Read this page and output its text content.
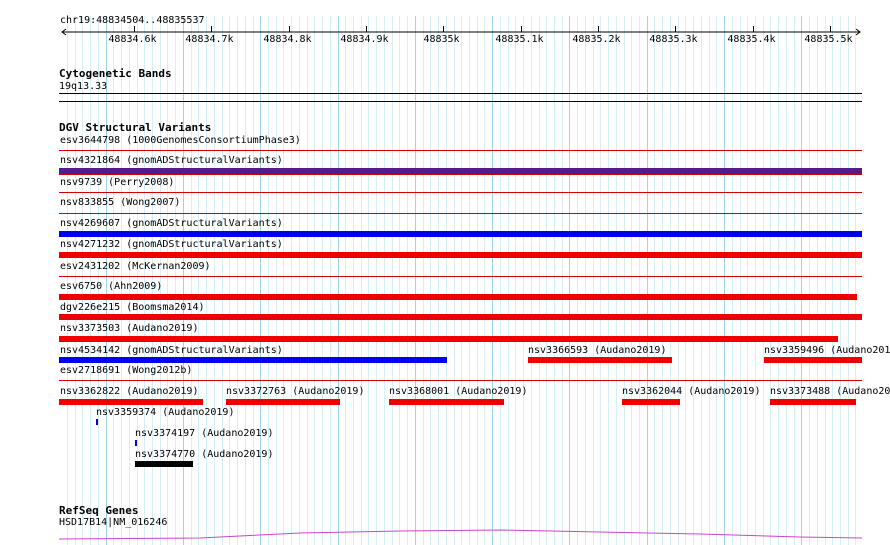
chr19:48834504..48835537
48834.6k	48834.7k	48834.8k	48834.9k	48835k	48835.1k	48835.2k	48835.3k	48835.4k	48835.5k
Cytogenetic Bands
19q13.33
DGV Structural Variants
esv3644798 (1000GenomesConsortiumPhase3)
nsv4321864 (gnomADStructuralVariants)
nsv9739 (Perry2008)
nsv833855 (Wong2007)
nsv4269607 (gnomADStructuralVariants)
nsv4271232 (gnomADStructuralVariants)
esv2431202 (McKernan2009)
esv6750 (Ahn2009)
dgv226e215 (Boomsma2014)
nsv3373503 (Audano2019)
nsv4534142 (gnomADStructuralVariants)	nsv3366593 (Audano2019)	nsv3359496 (Audano201
esv2718691 (Wong2012b)
nsv3362822 (Audano2019)	nsv3372763 (Audano2019) nsv3368001 (Audano2019)	nsv3362044 (Audano2019) nsv3373488 (Audano20
nsv3359374 (Audano2019)
nsv3374197 (Audano2019)
nsv3374770 (Audano2019)
RefSeq Genes
HSD17B14|NM_016246
